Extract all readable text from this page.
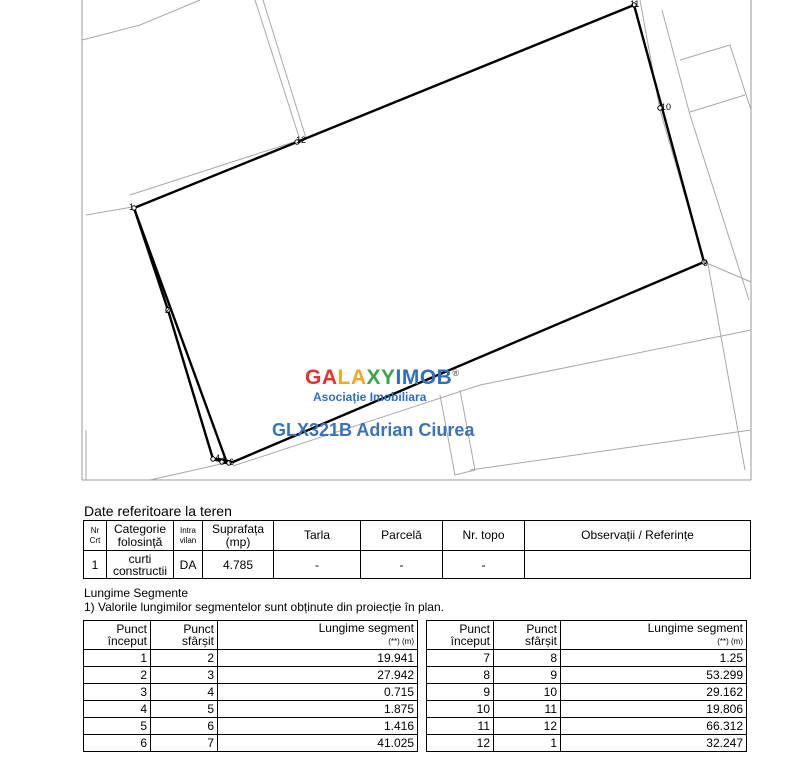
1
2
4 5 6
9
10
11
12
GALAXYIMOB®
Asociație Imobiliara
GLX321B Adrian Ciurea
Date referitoare la teren
Nr Crt	Categorie folosință	Intra vilan	Suprafața (mp)	Tarla	Parcelă	Nr. topo	Observații / Referințe
1	curti constructii	DA	4.785	-	-	-	
Lungime Segmente
1) Valorile lungimilor segmentelor sunt obținute din proiecție în plan.
Punct început	Punct sfârșit	Lungime segment
(**) (m)
1	2	19.941
2	3	27.942
3	4	0.715
4	5	1.875
5	6	1.416
6	7	41.025
Punct început	Punct sfârșit	Lungime segment
(**) (m)
7	8	1.25
8	9	53.299
9	10	29.162
10	11	19.806
11	12	66.312
12	1	32.247
